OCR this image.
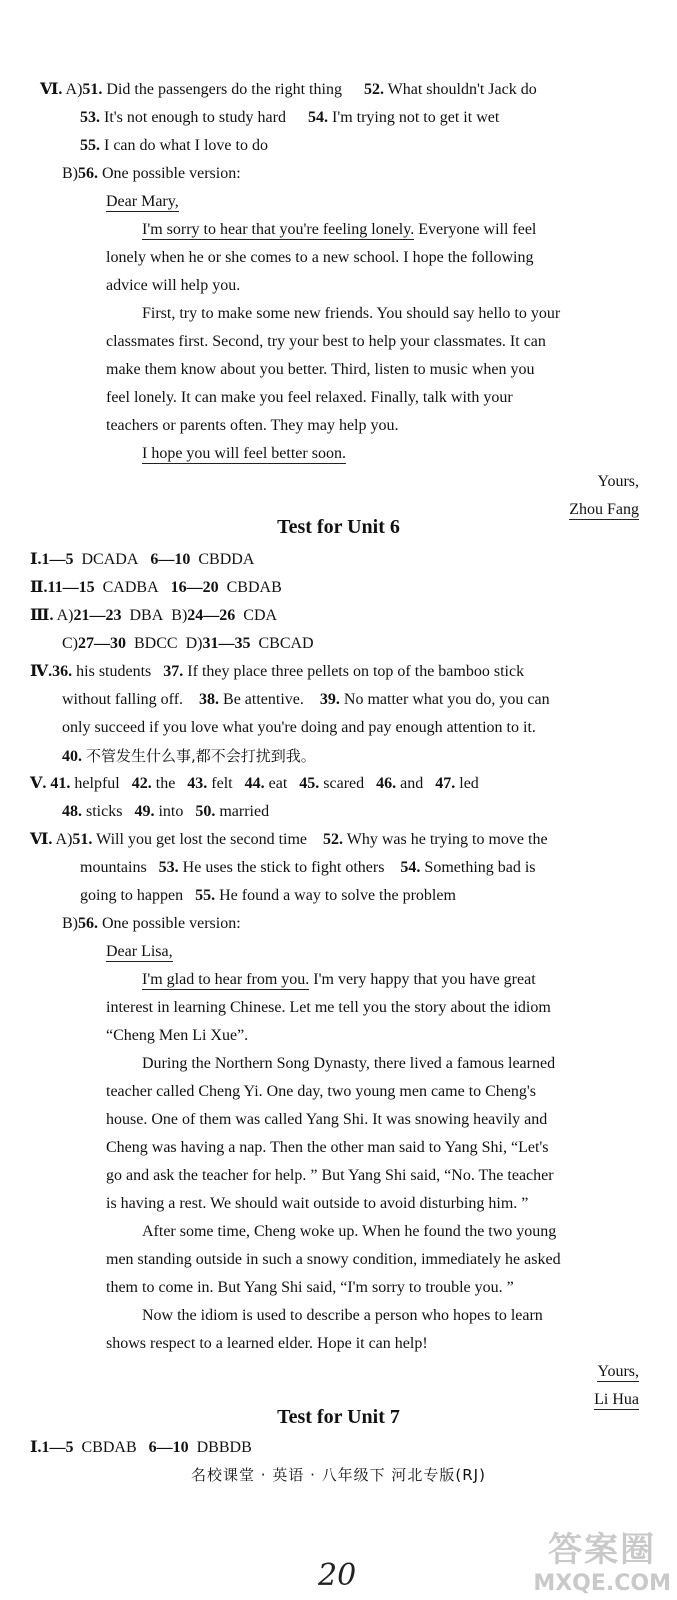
Ⅵ. A)51. Did the passengers do the right thing 52. What shouldn't Jack do
53. It's not enough to study hard 54. I'm trying not to get it wet
55. I can do what I love to do
B)56. One possible version:
Dear Mary,
I'm sorry to hear that you're feeling lonely. Everyone will feel
lonely when he or she comes to a new school. I hope the following
advice will help you.
First, try to make some new friends. You should say hello to your
classmates first. Second, try your best to help your classmates. It can
make them know about you better. Third, listen to music when you
feel lonely. It can make you feel relaxed. Finally, talk with your
teachers or parents often. They may help you.
I hope you will feel better soon.
Yours,
Zhou Fang
Test for Unit 6
Ⅰ.1—5 DCADA 6—10 CBDDA
Ⅱ.11—15 CADBA 16—20 CBDAB
Ⅲ. A)21—23 DBA B)24—26 CDA
C)27—30 BDCC D)31—35 CBCAD
Ⅳ.36. his students 37. If they place three pellets on top of the bamboo stick
without falling off. 38. Be attentive. 39. No matter what you do, you can
only succeed if you love what you're doing and pay enough attention to it.
40. 不管发生什么事,都不会打扰到我。
Ⅴ. 41. helpful 42. the 43. felt 44. eat 45. scared 46. and 47. led
48. sticks 49. into 50. married
Ⅵ. A)51. Will you get lost the second time 52. Why was he trying to move the
mountains 53. He uses the stick to fight others 54. Something bad is
going to happen 55. He found a way to solve the problem
B)56. One possible version:
Dear Lisa,
I'm glad to hear from you. I'm very happy that you have great
interest in learning Chinese. Let me tell you the story about the idiom
“Cheng Men Li Xue”.
During the Northern Song Dynasty, there lived a famous learned
teacher called Cheng Yi. One day, two young men came to Cheng's
house. One of them was called Yang Shi. It was snowing heavily and
Cheng was having a nap. Then the other man said to Yang Shi, “Let's
go and ask the teacher for help. ” But Yang Shi said, “No. The teacher
is having a rest. We should wait outside to avoid disturbing him. ”
After some time, Cheng woke up. When he found the two young
men standing outside in such a snowy condition, immediately he asked
them to come in. But Yang Shi said, “I'm sorry to trouble you. ”
Now the idiom is used to describe a person who hopes to learn
shows respect to a learned elder. Hope it can help!
Yours,
Li Hua
Test for Unit 7
Ⅰ.1—5 CBDAB 6—10 DBBDB
名校课堂 · 英语 · 八年级下 河北专版(RJ)
20
答案圈
MXQE.COM
